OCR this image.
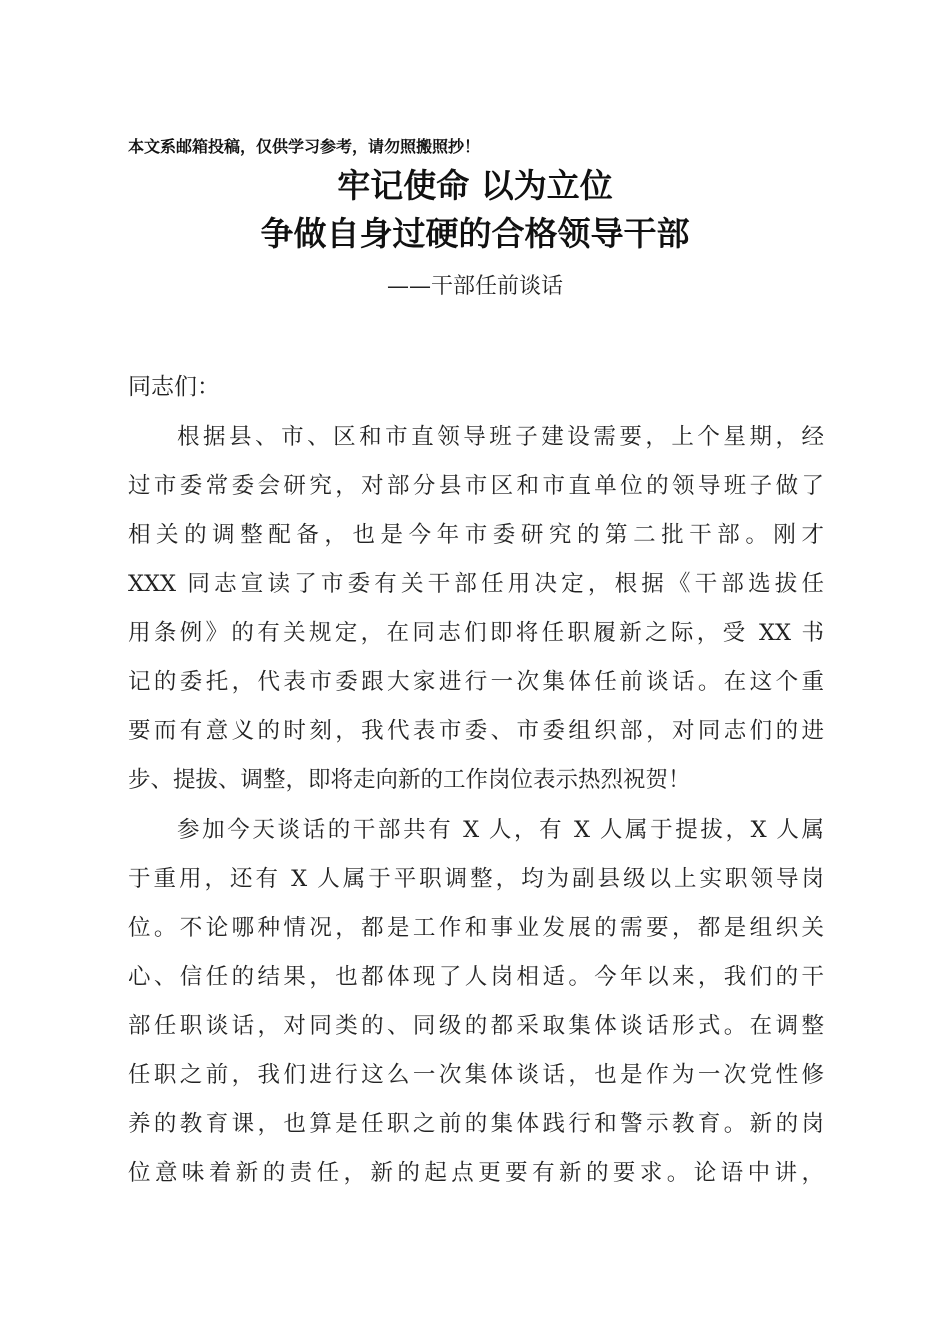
本文系邮箱投稿，仅供学习参考，请勿照搬照抄！
牢记使命 以为立位
争做自身过硬的合格领导干部
——干部任前谈话
同志们：
根据县、市、区和市直领导班子建设需要，上个星期，经
过市委常委会研究，对部分县市区和市直单位的领导班子做了
相关的调整配备，也是今年市委研究的第二批干部。刚才
XXX 同志宣读了市委有关干部任用决定，根据《干部选拔任
用条例》的有关规定，在同志们即将任职履新之际，受 XX 书
记的委托，代表市委跟大家进行一次集体任前谈话。在这个重
要而有意义的时刻，我代表市委、市委组织部，对同志们的进
步、提拔、调整，即将走向新的工作岗位表示热烈祝贺！
参加今天谈话的干部共有 X 人，有 X 人属于提拔，X 人属
于重用，还有 X 人属于平职调整，均为副县级以上实职领导岗
位。不论哪种情况，都是工作和事业发展的需要，都是组织关
心、信任的结果，也都体现了人岗相适。今年以来，我们的干
部任职谈话，对同类的、同级的都采取集体谈话形式。在调整
任职之前，我们进行这么一次集体谈话，也是作为一次党性修
养的教育课，也算是任职之前的集体践行和警示教育。新的岗
位意味着新的责任，新的起点更要有新的要求。论语中讲，
